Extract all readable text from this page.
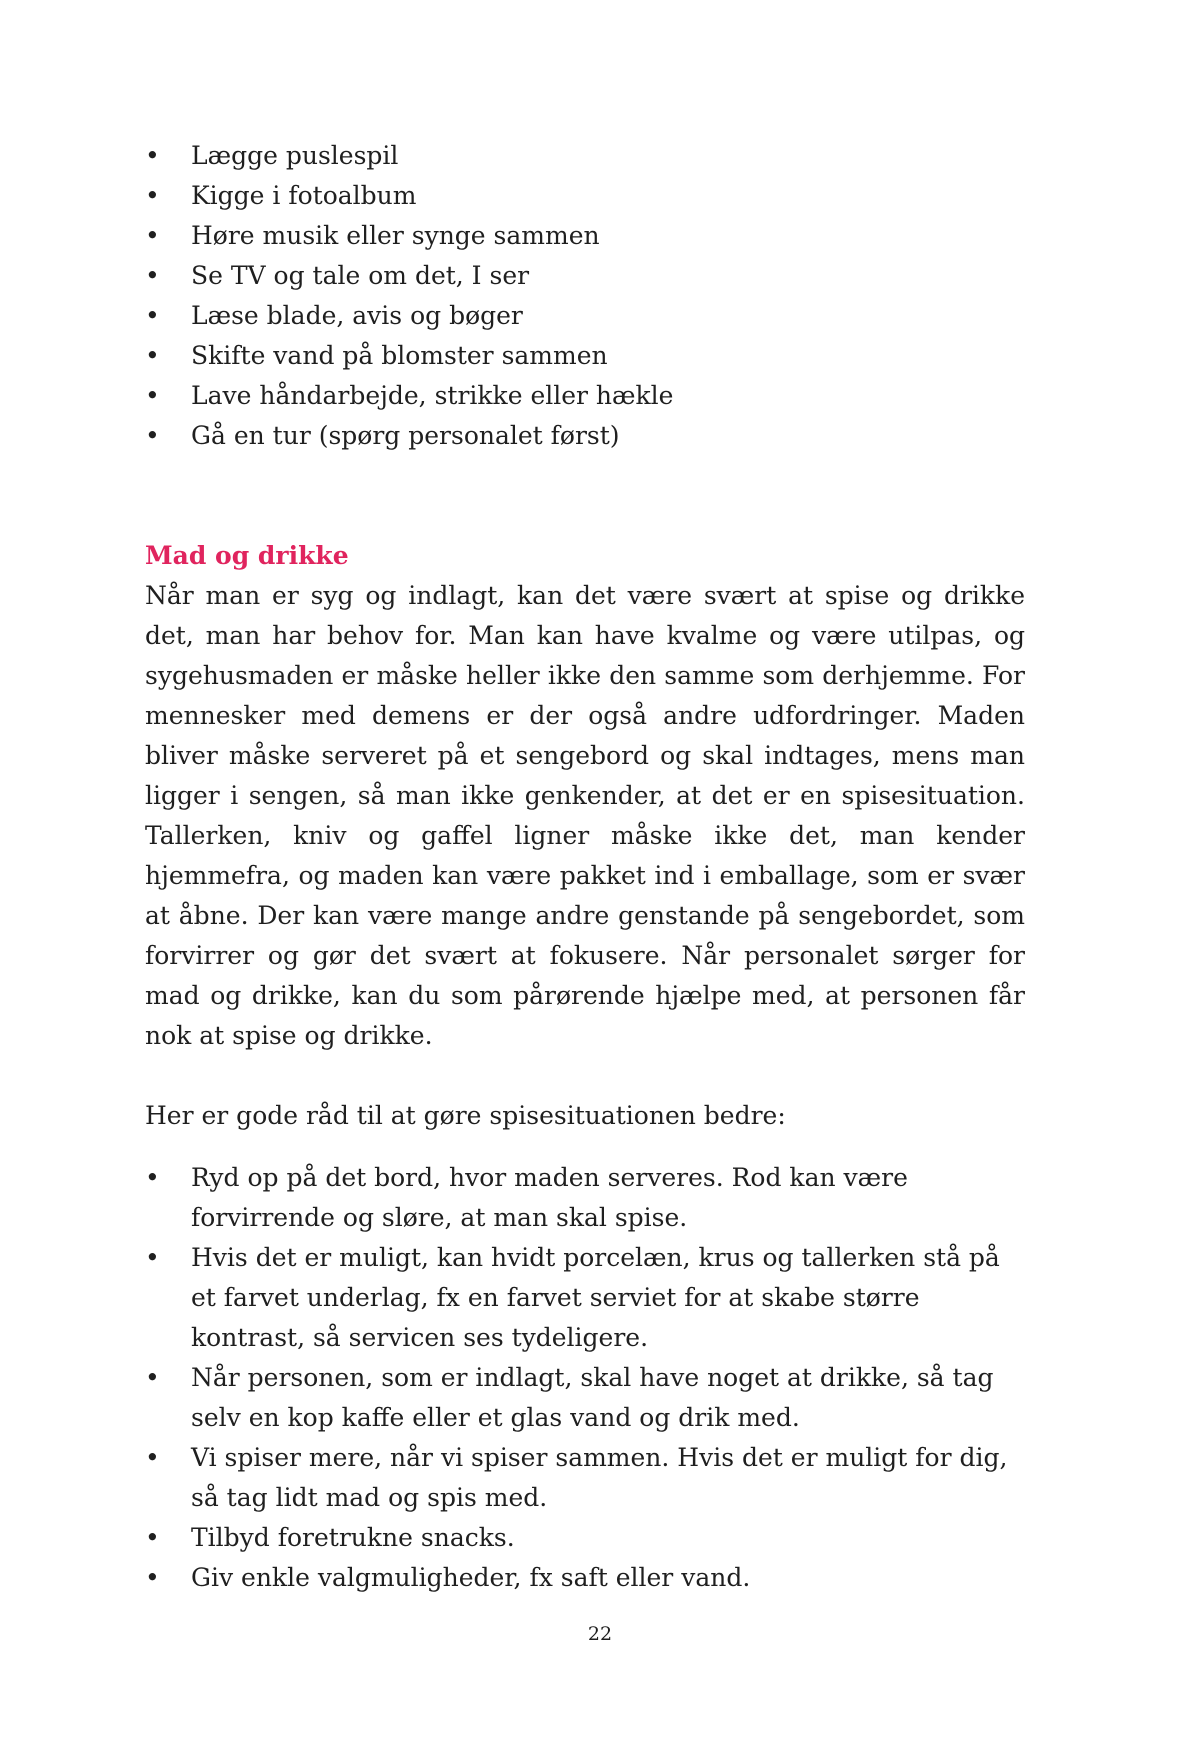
• Lægge puslespil
• Kigge i fotoalbum
• Høre musik eller synge sammen
• Se TV og tale om det, I ser
• Læse blade, avis og bøger
• Skifte vand på blomster sammen
• Lave håndarbejde, strikke eller hækle
• Gå en tur (spørg personalet først)
Mad og drikke

Når man er syg og indlagt, kan det være svært at spise og drikke det, man har behov for. Man kan have kvalme og være utilpas, og sygehusmaden er måske heller ikke den samme som derhjemme. For mennesker med demens er der også andre udfordringer. Maden bliver måske serveret på et sengebord og skal indtages, mens man ligger i sengen, så man ikke genkender, at det er en spisesituation. Tallerken, kniv og gaffel ligner måske ikke det, man kender hjemmefra, og maden kan være pakket ind i emballage, som er svær at åbne. Der kan være mange andre genstande på sengebordet, som forvirrer og gør det svært at fokusere. Når personalet sørger for mad og drikke, kan du som pårørende hjælpe med, at personen får nok at spise og drikke.

Her er gode råd til at gøre spisesituationen bedre:

• Ryd op på det bord, hvor maden serveres. Rod kan være forvirrende og sløre, at man skal spise.
• Hvis det er muligt, kan hvidt porcelæn, krus og tallerken stå på et farvet underlag, fx en farvet serviet for at skabe større kontrast, så servicen ses tydeligere.
• Når personen, som er indlagt, skal have noget at drikke, så tag selv en kop kaffe eller et glas vand og drik med.
• Vi spiser mere, når vi spiser sammen. Hvis det er muligt for dig, så tag lidt mad og spis med.
• Tilbyd foretrukne snacks.
• Giv enkle valgmuligheder, fx saft eller vand.
22
